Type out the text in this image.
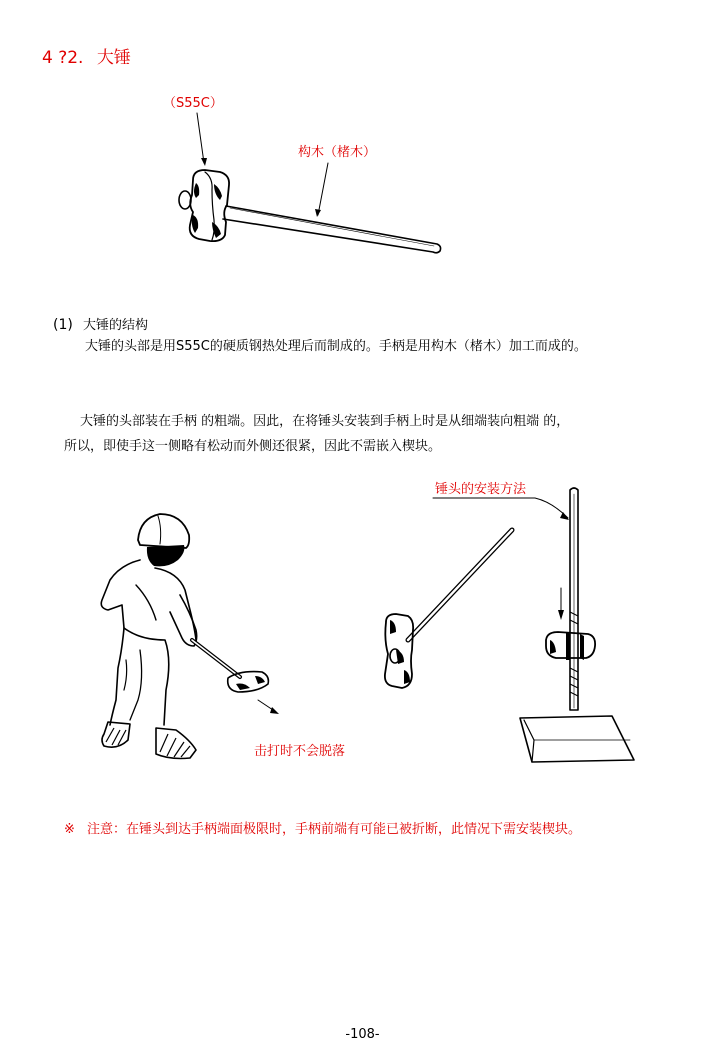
4 ?2. 大锤
（S55C）
构木（楮木）
(1) 大锤的结构
大锤的头部是用S55C的硬质钢热处理后而制成的。手柄是用构木（楮木）加工而成的。
大锤的头部装在手柄 的粗端。因此，在将锤头安装到手柄上时是从细端装向粗端 的，
所以，即使手这一侧略有松动而外侧还很紧，因此不需嵌入楔块。
锤头的安装方法
击打时不会脱落
※ 注意：在锤头到达手柄端面极限时，手柄前端有可能已被折断，此情况下需安装楔块。
-108-
